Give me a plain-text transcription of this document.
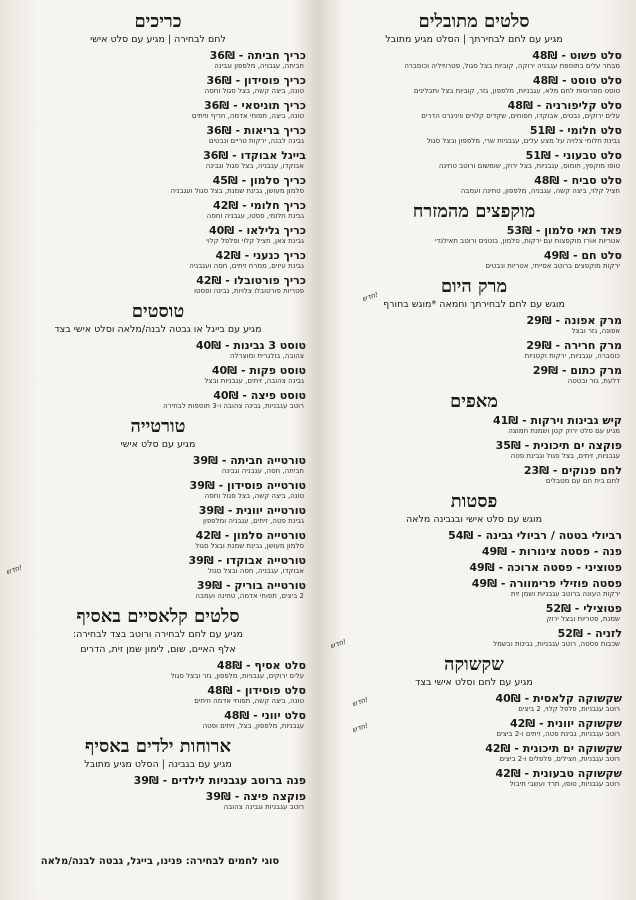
סלטים מתובלים
מגיע עם לחם לבחירתך | הסלט מגיע מתובל
סלט פשוט - 48₪
מבחר עלים בתוספת עגבניה ירוקה, קוביות בצל סגול, פטרוזיליה וכוסברה
סלט טוסט - 48₪
טוסט מפרוסות לחם מלא, עגבניות, מלפפון, גזר, קוביות בצל ותבלינים
סלט קליפורניה - 48₪
עלים ירוקים, נבטים, אבוקדו, תפוחים, שקדים קלויים וויניגרט הדרים
סלט חלומי - 51₪
גבינת חלומי צלויה על מצע עלים, עגבניות שרי, מלפפון ובצל סגול
סלט טבעוני - 51₪
טופו מוקפץ, חומוס, עגבניות, בצל ירוק, שומשום ורוטב טחינה
סלט סביח - 48₪
חציל קלוי, ביצה קשה, עגבניה, מלפפון, טחינה ועמבה
מוקפצים מהמזרח
פאד תאי סלמון - 53₪
אטריות אורז מוקפצות עם ירקות, סלמון, בוטנים ורוטב תאילנדי
סלט חם - 49₪
ירקות מוקפצים ברוטב אסייתי, אטריות ונבטים
מרק היום
מוגש עם לחם לבחירתך וחמאה *מוגש בחורף
מרק אפונה - 29₪
אפונה, גזר ובצל
מרק חרירה - 29₪
כוסברה, עגבניות, ירקות וקטניות
מרק כתום - 29₪
דלעת, גזר ובטטה
מאפים
קיש גבינות וירקות - 41₪
מגיע עם סלט ירוק קטן ושמנת חמוצה
פוקצה ים תיכונית - 35₪
עגבניות, זיתים, בצל סגול וגבינת פטה
לחם פנוקים - 23₪
לחם בית חם עם מטבלים
פסטות
מוגש עם סלט אישי ובגבינה מלאה
רביולי בטטה / רביולי גבינה - 54₪
פנה - פסטה צינורות - 49₪
פטוציני - פסטה ארוכה - 49₪
פסטה פוזילי פרימוורה - 49₪
ירקות העונה ברוטב עגבניות ושמן זית
פטוצילי - 52₪
שמנת, פטריות ובצל ירוק
לזניה - 52₪
שכבות פסטה, רוטב עגבניות, גבינות ובשמל
שקשוקה
מגיע עם לחם וסלט אישי בצד
שקשוקה קלאסית - 40₪
רוטב עגבניות, פלפל קלוי, 2 ביצים
שקשוקה יוונית - 42₪
רוטב עגבניות, גבינת פטה, זיתים ו-2 ביצים
שקשוקה ים תיכונית - 42₪
רוטב עגבניות, חצילים, פלפלים ו-2 ביצים
שקשוקה טבעונית - 42₪
רוטב עגבניות, טופו, תרד ועשבי תיבול
כריכים
לחם לבחירה | מגיע עם סלט אישי
כריך חביתה - 36₪
חביתה, עגבניה, מלפפון וגבינה
כריך פוסידון - 36₪
טונה, ביצה קשה, בצל סגול וחסה
כריך תוניסאי - 36₪
טונה, ביצה, תפוחי אדמה, חריף וזיתים
כריך בריאות - 36₪
גבינה לבנה, ירקות טריים ונבטים
בייגל אבוקדו - 36₪
אבוקדו, עגבניה, בצל סגול וגבינה
כריך סלמון - 45₪
סלמון מעושן, גבינת שמנת, בצל סגול ועגבניה
כריך חלומי - 42₪
גבינת חלומי, פסטו, עגבניה וחסה
כריך גלילאו - 40₪
גבינת צאן, חציל קלוי ופלפל קלוי
כריך כנעני - 42₪
גבינת עיזים, ממרח זיתים, חסה ועגבניה
כריך פורטובלו - 42₪
פטריות פורטובלו צלויות, גבינה ופסטו
טוסטים
מגיע עם בייגל או גבטה לבנה/מלאה וסלט אישי בצד
טוסט 3 גבינות - 40₪
צהובה, בולגרית ומוצרלה
טוסט פקות - 40₪
גבינה צהובה, זיתים, עגבניות ובצל
טוסט פיצה - 40₪
רוטב עגבניות, גבינה צהובה ו-3 תוספות לבחירה
טורטייה
מגיע עם סלט אישי
טורטייה חביתה - 39₪
חביתה, חסה, עגבניה וגבינה
טורטייה פוסידון - 39₪
טונה, ביצה קשה, בצל סגול וחסה
טורטייה יוונית - 39₪
גבינת פטה, זיתים, עגבניה ומלפפון
טורטייה סלמון - 42₪
סלמון מעושן, גבינת שמנת ובצל סגול
טורטייה אבוקדו - 39₪
אבוקדו, עגבניה, חסה ובצל סגול
טורטייה בוריק - 39₪
2 ביצים, תפוחי אדמה, טחינה ועמבה
סלטים קלאסיים באסיף
מגיע עם לחם לבחירה ורוטב בצד לבחירה:
אלף האיים, שום, לימון שמן זית, הדרים
סלט אסיף - 48₪
עלים ירוקים, עגבניות, מלפפון, גזר ובצל סגול
סלט פוסידון - 48₪
טונה, ביצה קשה, תפוחי אדמה וזיתים
סלט יווני - 48₪
עגבניות, מלפפון, בצל, זיתים ופטה
ארוחות ילדים באסיף
מגיע עם בגבינה | הסלט מגיע מתובל
פנה ברוטב עגבניות לילדים - 39₪
פוקצה פיצה - 39₪
רוטב עגבניות וגבינה צהובה
חדש!
חדש!
חדש!
חדש!
חדש!
סוגי לחמים לבחירה: פנינו, בייגל, גבטה לבנה/מלאה
